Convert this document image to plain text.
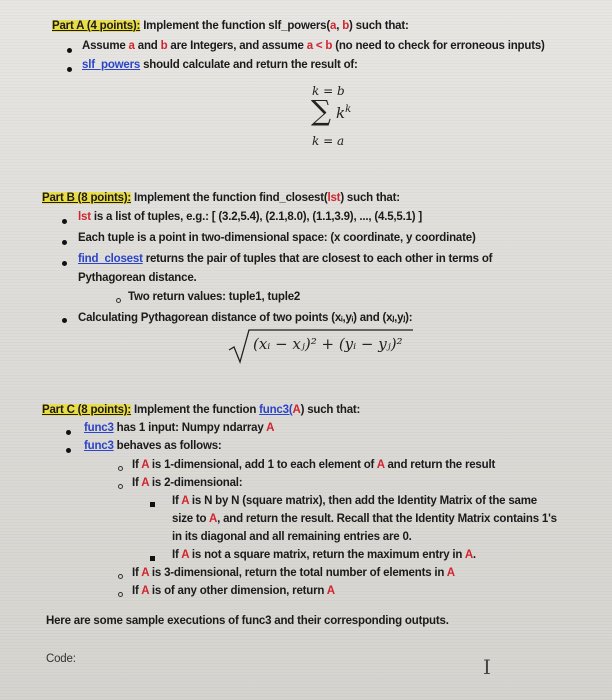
Part A (4 points): Implement the function slf_powers(a, b) such that:
Assume a and b are Integers, and assume a < b (no need to check for erroneous inputs)
slf_powers should calculate and return the result of:
k = b
∑ $k^k$
k = a
Part B (8 points): Implement the function find_closest(lst) such that:
lst is a list of tuples, e.g.: [ (3.2,5.4), (2.1,8.0), (1.1,3.9), ..., (4.5,5.1) ]
Each tuple is a point in two-dimensional space: (x coordinate, y coordinate)
find_closest returns the pair of tuples that are closest to each other in terms of
Pythagorean distance.
Two return values: tuple1, tuple2
Calculating Pythagorean distance of two points (xᵢ,yᵢ) and (xⱼ,yⱼ):
(xᵢ − xⱼ)² + (yᵢ − yⱼ)²
Part C (8 points): Implement the function func3(A) such that:
func3 has 1 input: Numpy ndarray A
func3 behaves as follows:
If A is 1-dimensional, add 1 to each element of A and return the result
If A is 2-dimensional:
If A is N by N (square matrix), then add the Identity Matrix of the same
size to A, and return the result. Recall that the Identity Matrix contains 1's
in its diagonal and all remaining entries are 0.
If A is not a square matrix, return the maximum entry in A.
If A is 3-dimensional, return the total number of elements in A
If A is of any other dimension, return A
Here are some sample executions of func3 and their corresponding outputs.
Code:	I
